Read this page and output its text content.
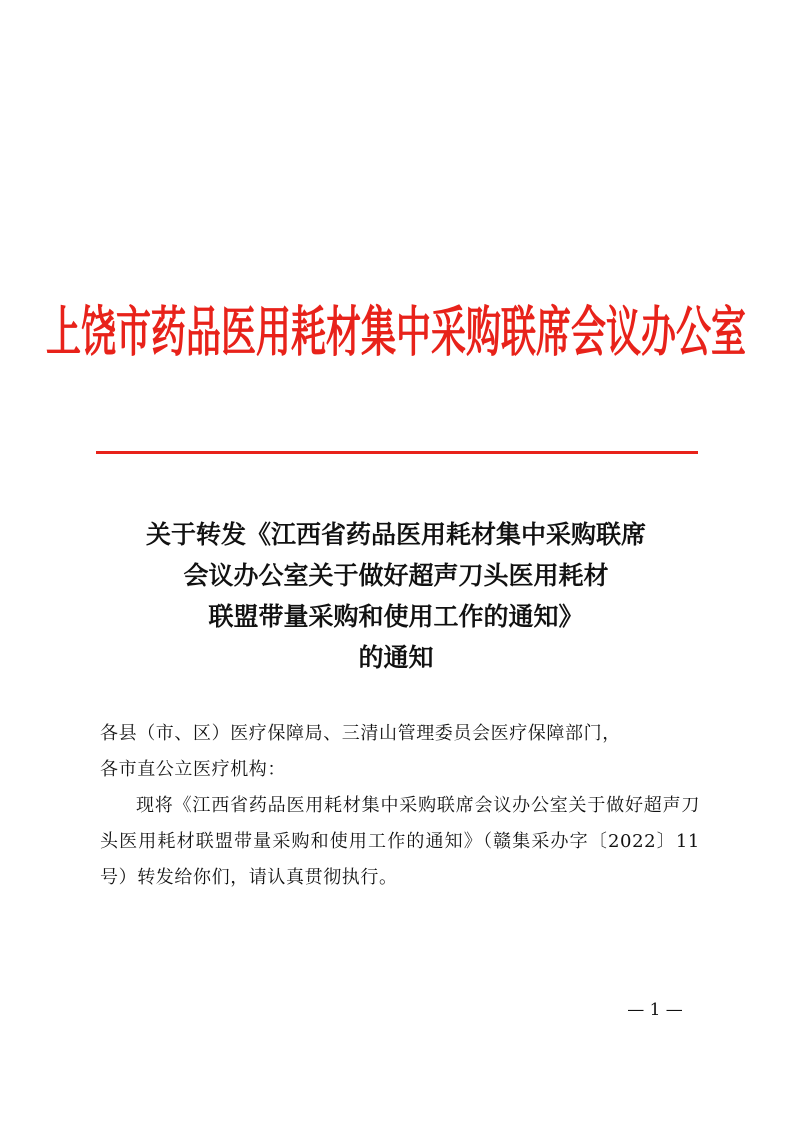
上饶市药品医用耗材集中采购联席会议办公室
关于转发《江西省药品医用耗材集中采购联席
会议办公室关于做好超声刀头医用耗材
联盟带量采购和使用工作的通知》
的通知
各县（市、区）医疗保障局、三清山管理委员会医疗保障部门，
各市直公立医疗机构：
现将《江西省药品医用耗材集中采购联席会议办公室关于做好超声刀头医用耗材联盟带量采购和使用工作的通知》（赣集采办字〔2022〕11号）转发给你们，请认真贯彻执行。
— 1 —
